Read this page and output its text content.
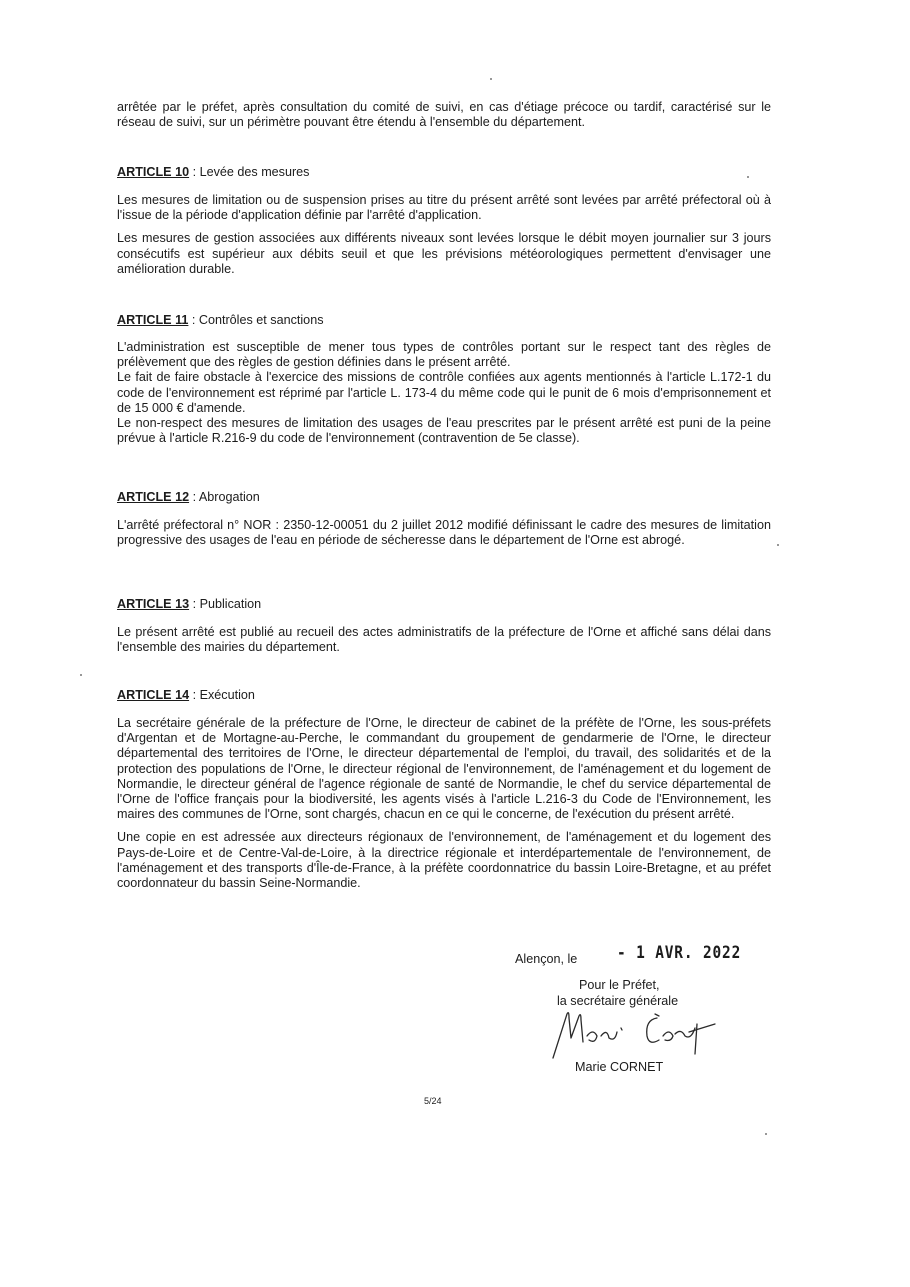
arrêtée par le préfet, après consultation du comité de suivi, en cas d'étiage précoce ou tardif, caractérisé sur le réseau de suivi, sur un périmètre pouvant être étendu à l'ensemble du département.

ARTICLE 10 : Levée des mesures

Les mesures de limitation ou de suspension prises au titre du présent arrêté sont levées par arrêté préfectoral où à l'issue de la période d'application définie par l'arrêté d'application.

Les mesures de gestion associées aux différents niveaux sont levées lorsque le débit moyen journalier sur 3 jours consécutifs est supérieur aux débits seuil et que les prévisions météorologiques permettent d'envisager une amélioration durable.

ARTICLE 11 : Contrôles et sanctions

L'administration est susceptible de mener tous types de contrôles portant sur le respect tant des règles de prélèvement que des règles de gestion définies dans le présent arrêté.

Le fait de faire obstacle à l'exercice des missions de contrôle confiées aux agents mentionnés à l'article L.172-1 du code de l'environnement est réprimé par l'article L. 173-4 du même code qui le punit de 6 mois d'emprisonnement et de 15 000 € d'amende.

Le non-respect des mesures de limitation des usages de l'eau prescrites par le présent arrêté est puni de la peine prévue à l'article R.216-9 du code de l'environnement (contravention de 5e classe).

ARTICLE 12 : Abrogation

L'arrêté préfectoral n° NOR : 2350-12-00051 du 2 juillet 2012 modifié définissant le cadre des mesures de limitation progressive des usages de l'eau en période de sécheresse dans le département de l'Orne est abrogé.

ARTICLE 13 : Publication

Le présent arrêté est publié au recueil des actes administratifs de la préfecture de l'Orne et affiché sans délai dans l'ensemble des mairies du département.

ARTICLE 14 : Exécution

La secrétaire générale de la préfecture de l'Orne, le directeur de cabinet de la préfète de l'Orne, les sous-préfets d'Argentan et de Mortagne-au-Perche, le commandant du groupement de gendarmerie de l'Orne, le directeur départemental des territoires de l'Orne, le directeur départemental de l'emploi, du travail, des solidarités et de la protection des populations de l'Orne, le directeur régional de l'environnement, de l'aménagement et du logement de Normandie, le directeur général de l'agence régionale de santé de Normandie, le chef du service départemental de l'Orne de l'office français pour la biodiversité, les agents visés à l'article L.216-3 du Code de l'Environnement, les maires des communes de l'Orne, sont chargés, chacun en ce qui le concerne, de l'exécution du présent arrêté.

Une copie en est adressée aux directeurs régionaux de l'environnement, de l'aménagement et du logement des Pays-de-Loire et de Centre-Val-de-Loire, à la directrice régionale et interdépartementale de l'environnement, de l'aménagement et des transports d'Île-de-France, à la préfète coordonnatrice du bassin Loire-Bretagne, et au préfet coordonnateur du bassin Seine-Normandie.

Alençon, le - 1 AVR. 2022
Pour le Préfet,
la secrétaire générale
Marie CORNET
5/24
